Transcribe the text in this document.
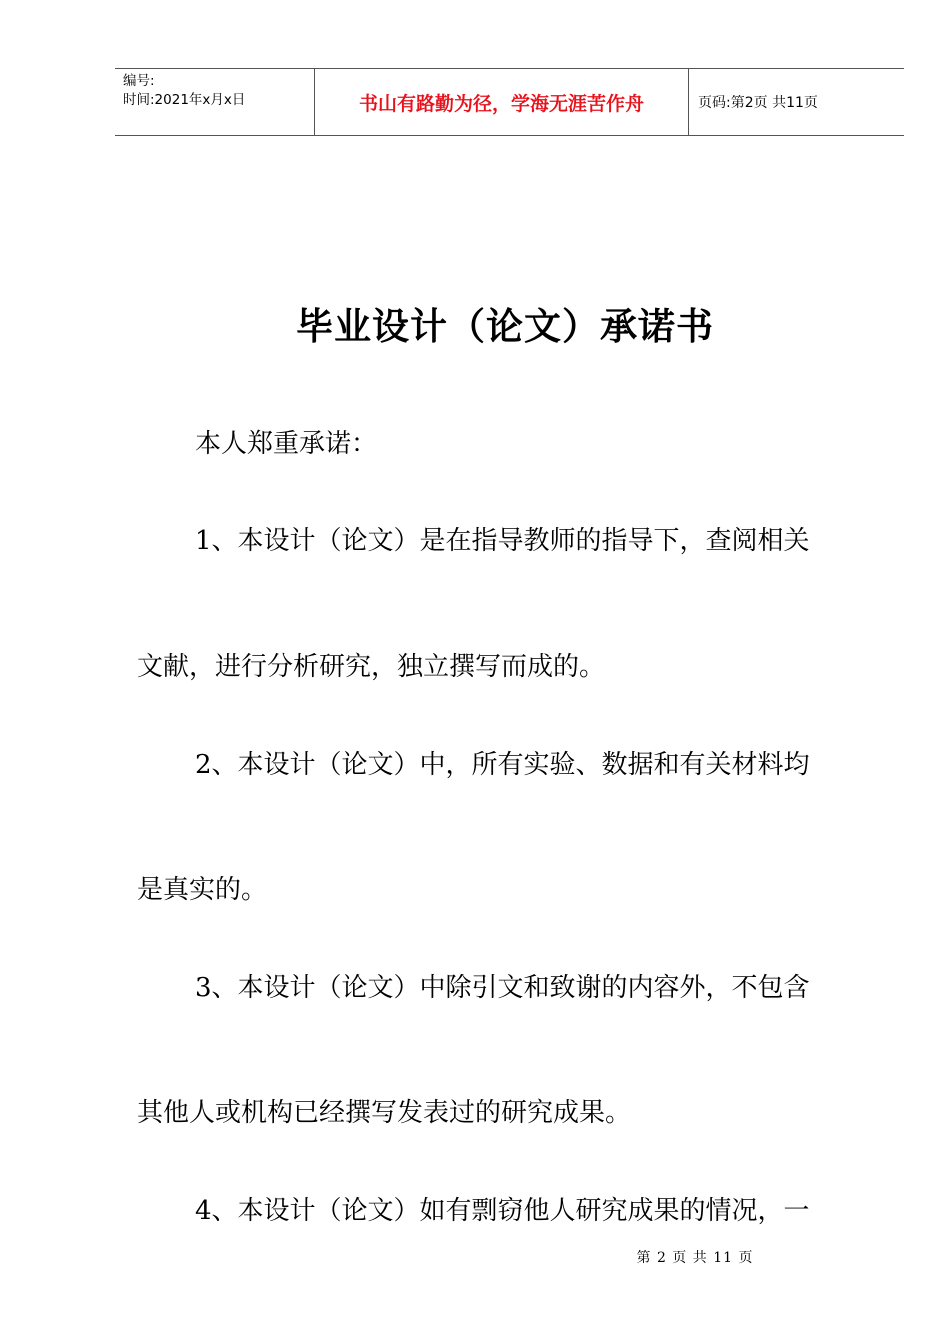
编号:
时间:2021年x月x日	书山有路勤为径，学海无涯苦作舟	页码:第2页 共11页
毕业设计（论文）承诺书
本人郑重承诺：
1、本设计（论文）是在指导教师的指导下，查阅相关
文献，进行分析研究，独立撰写而成的。
2、本设计（论文）中，所有实验、数据和有关材料均
是真实的。
3、本设计（论文）中除引文和致谢的内容外，不包含
其他人或机构已经撰写发表过的研究成果。
4、本设计（论文）如有剽窃他人研究成果的情况，一
第 2 页 共 11 页
